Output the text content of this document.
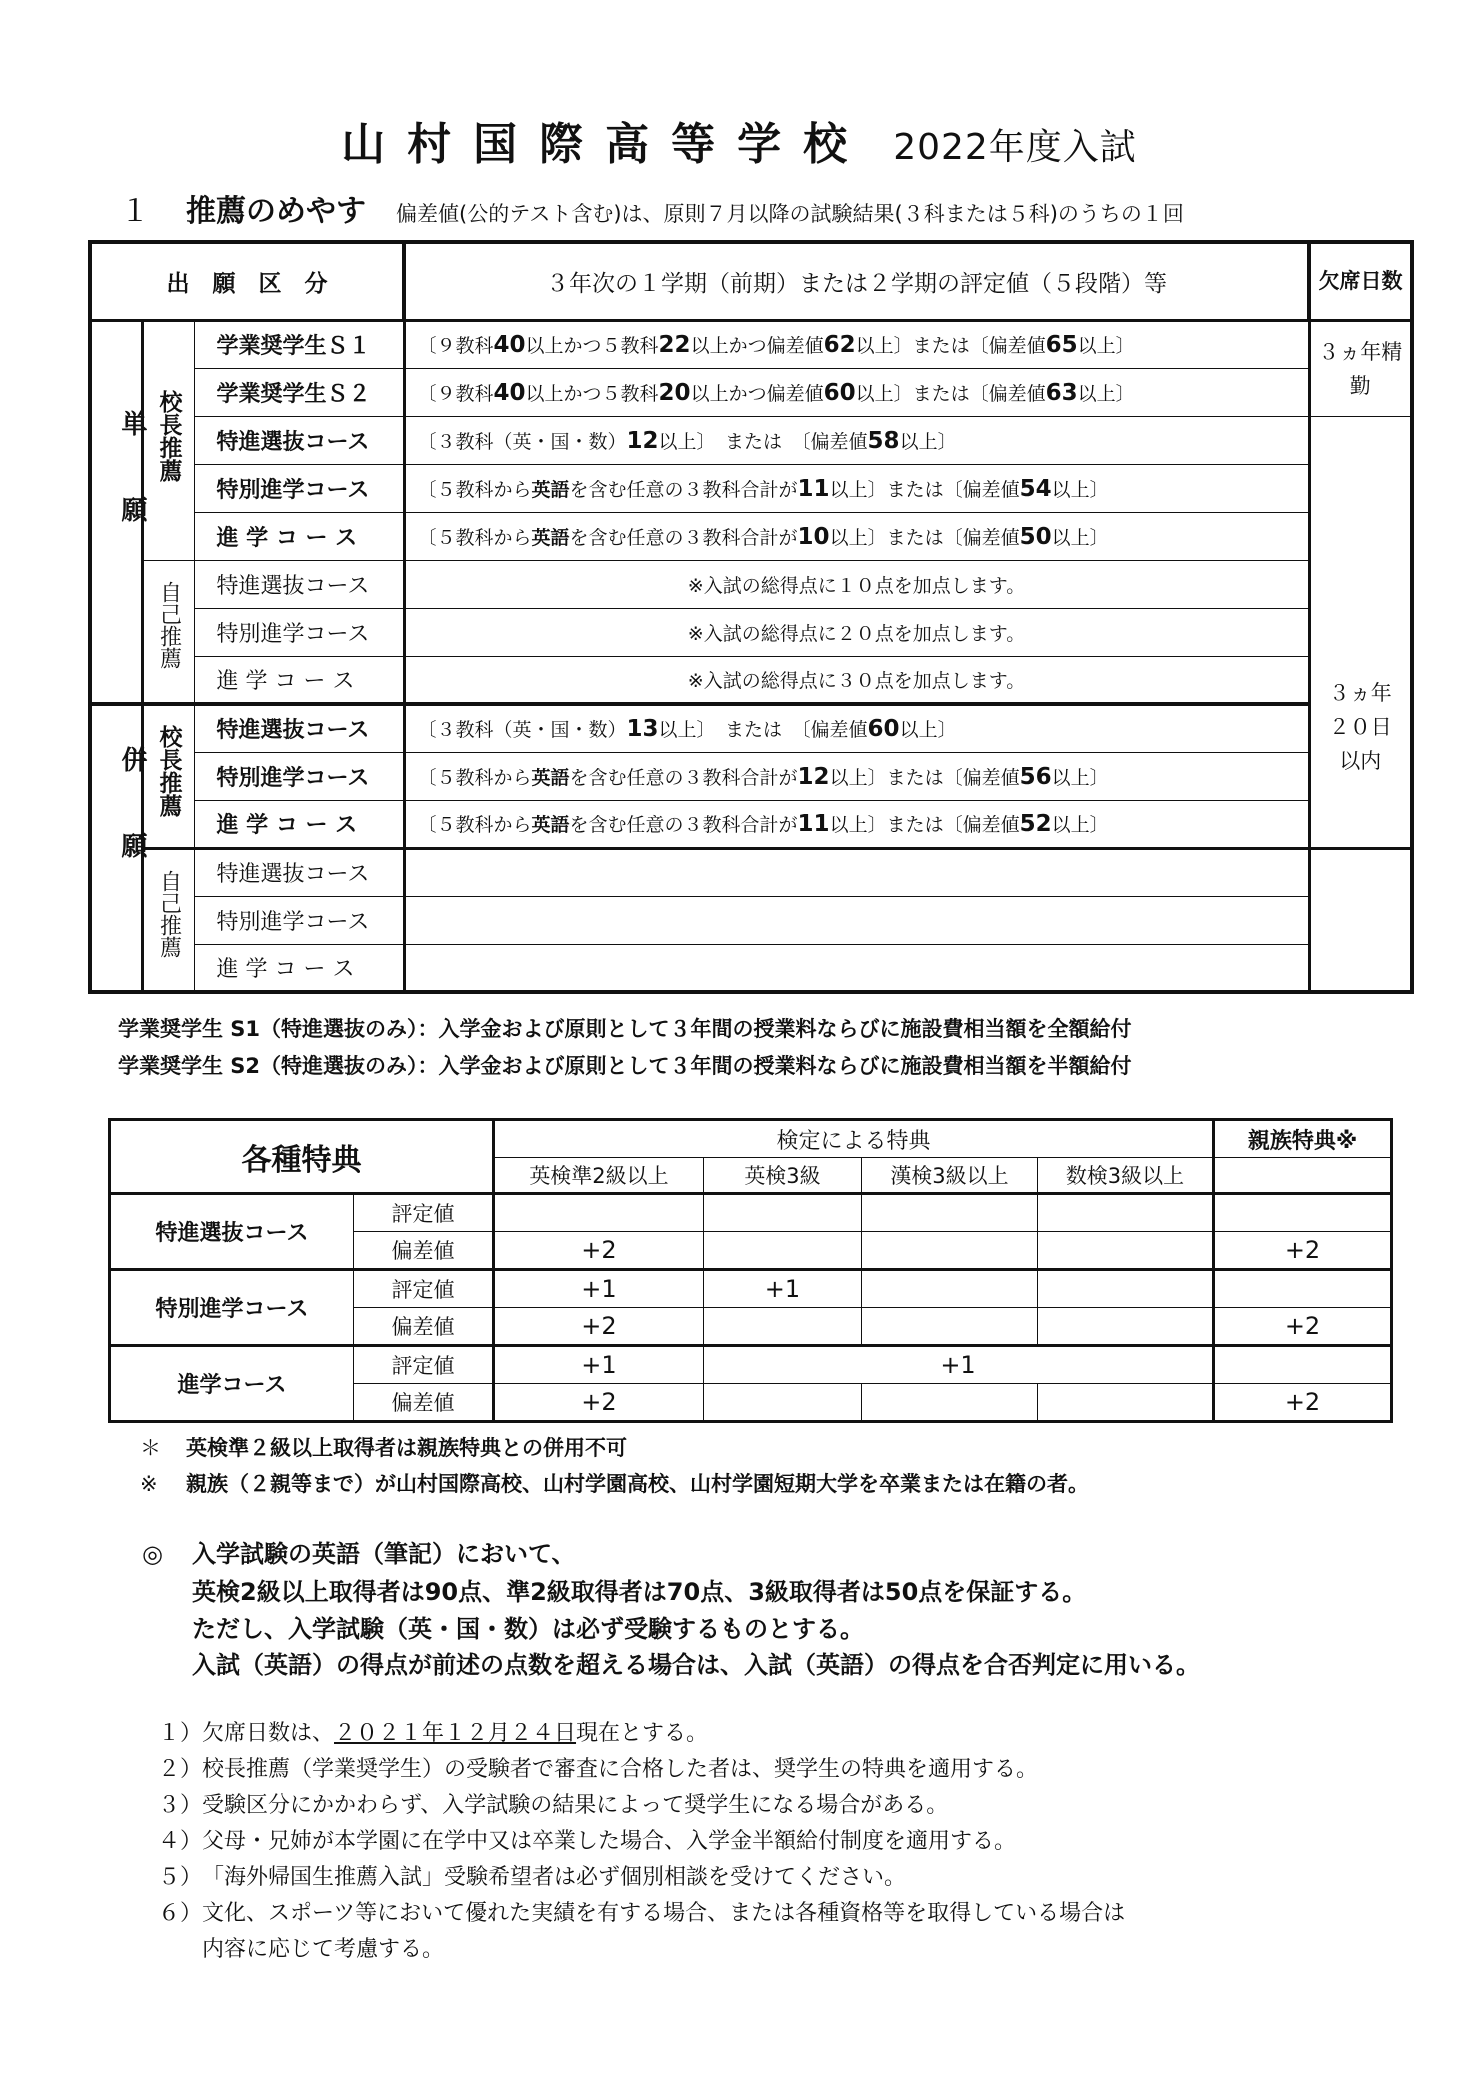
山村国際高等学校 2022年度入試
１ 推薦のめやす 偏差値(公的テスト含む)は、原則７月以降の試験結果(３科または５科)のうちの１回
出　願　区　分			３年次の１学期（前期）または２学期の評定値（５段階）等	欠席日数
単願	校長推薦	学業奨学生Ｓ１	〔９教科40以上かつ５教科22以上かつ偏差値62以上〕または〔偏差値65以上〕	３ヵ年精勤
		学業奨学生Ｓ２	〔９教科40以上かつ５教科20以上かつ偏差値60以上〕または〔偏差値63以上〕	
		特進選抜コース	〔３教科（英・国・数）12以上〕　または　〔偏差値58以上〕	３ヵ年２０日以内
		特別進学コース	〔５教科から英語を含む任意の３教科合計が11以上〕または〔偏差値54以上〕	
		進 学 コ ー ス	〔５教科から英語を含む任意の３教科合計が10以上〕または〔偏差値50以上〕	
	自己推薦	特進選抜コース	※入試の総得点に１０点を加点します。	
		特別進学コース	※入試の総得点に２０点を加点します。	
		進 学 コ ー ス	※入試の総得点に３０点を加点します。	
併願	校長推薦	特進選抜コース	〔３教科（英・国・数）13以上〕　または　〔偏差値60以上〕	
		特別進学コース	〔５教科から英語を含む任意の３教科合計が12以上〕または〔偏差値56以上〕	
		進 学 コ ー ス	〔５教科から英語を含む任意の３教科合計が11以上〕または〔偏差値52以上〕	
	自己推薦	特進選抜コース		
		特別進学コース		
		進 学 コ ー ス		
学業奨学生 S1（特進選抜のみ）：入学金および原則として３年間の授業料ならびに施設費相当額を全額給付
学業奨学生 S2（特進選抜のみ）：入学金および原則として３年間の授業料ならびに施設費相当額を半額給付
各種特典		検定による特典				親族特典※
		英検準2級以上	英検3級	漢検3級以上	数検3級以上	
特進選抜コース	評定値					
	偏差値	+2				+2
特別進学コース	評定値	+1	+1			
	偏差値	+2				+2
進学コース	評定値	+1	+1			
	偏差値	+2				+2
＊ 英検準２級以上取得者は親族特典との併用不可
※ 親族（２親等まで）が山村国際高校、山村学園高校、山村学園短期大学を卒業または在籍の者。
◎ 入学試験の英語（筆記）において、
英検2級以上取得者は90点、準2級取得者は70点、3級取得者は50点を保証する。
ただし、入学試験（英・国・数）は必ず受験するものとする。
入試（英語）の得点が前述の点数を超える場合は、入試（英語）の得点を合否判定に用いる。
１）欠席日数は、２０２１年１２月２４日現在とする。
２）校長推薦（学業奨学生）の受験者で審査に合格した者は、奨学生の特典を適用する。
３）受験区分にかかわらず、入学試験の結果によって奨学生になる場合がある。
４）父母・兄姉が本学園に在学中又は卒業した場合、入学金半額給付制度を適用する。
５）「海外帰国生推薦入試」受験希望者は必ず個別相談を受けてください。
６）文化、スポーツ等において優れた実績を有する場合、または各種資格等を取得している場合は
内容に応じて考慮する。
